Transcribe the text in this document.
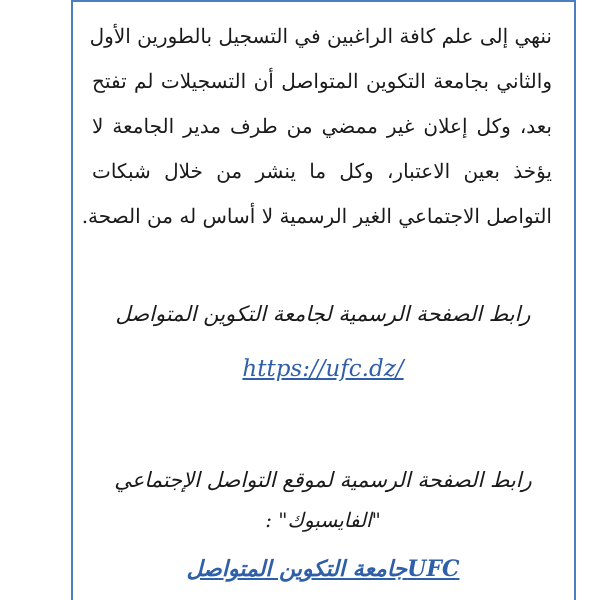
ننهي إلى علم كافة الراغبين في التسجيل بالطورين الأول
والثاني بجامعة التكوين المتواصل أن التسجيلات لم تفتح
بعد، وكل إعلان غير ممضي من طرف مدير الجامعة لا
يؤخذ بعين الاعتبار، وكل ما ينشر من خلال شبكات
التواصل الاجتماعي الغير الرسمية لا أساس له من الصحة.
رابط الصفحة الرسمية لجامعة التكوين المتواصل
https://ufc.dz/
رابط الصفحة الرسمية لموقع التواصل الإجتماعي
"الفايسبوك" :
UFCجامعة التكوين المتواصل
